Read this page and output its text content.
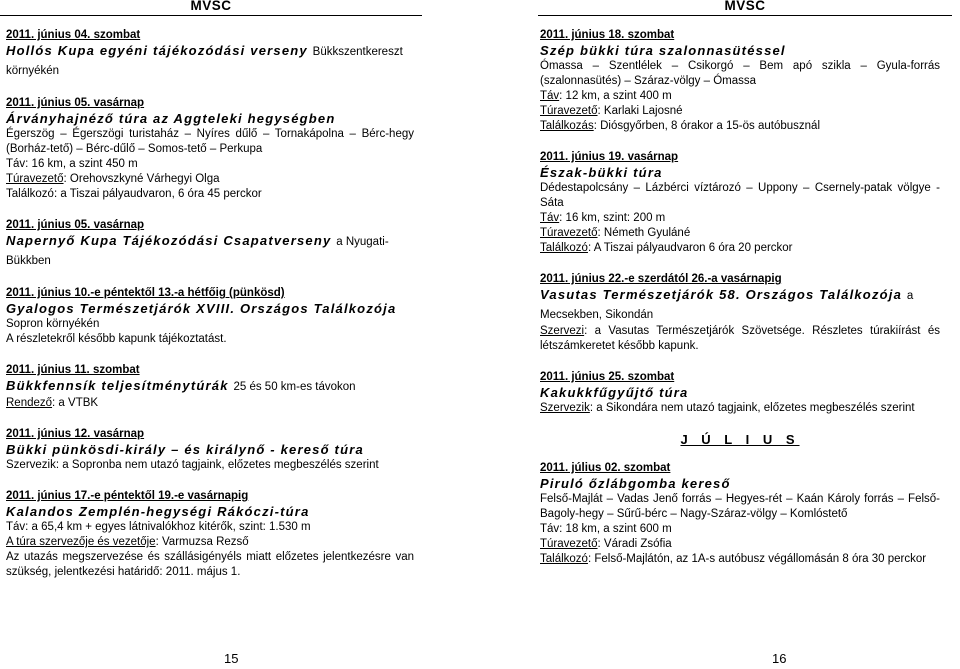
MVSC
2011. június 04. szombat
Hollós Kupa egyéni tájékozódási verseny Bükkszentkereszt környékén
2011. június 05. vasárnap
Árványhajnéző túra az Aggteleki hegységben
Égerszög – Égerszögi turistaház – Nyíres dűlő – Tornakápolna – Bérc-hegy (Borház-tető) – Bérc-dűlő – Somos-tető – Perkupa
Táv: 16 km, a szint 450 m
Túravezető: Orehovszkyné Várhegyi Olga
Találkozó: a Tiszai pályaudvaron, 6 óra 45 perckor
2011. június 05. vasárnap
Napernyő Kupa Tájékozódási Csapatverseny a Nyugati-Bükkben
2011. június 10.-e péntektől 13.-a hétfőig (pünkösd)
Gyalogos Természetjárók XVIII. Országos Találkozója
Sopron környékén
A részletekről később kapunk tájékoztatást.
2011. június 11. szombat
Bükkfennsík teljesítménytúrák 25 és 50 km-es távokon
Rendező: a VTBK
2011. június 12. vasárnap
Bükki pünkösdi-király – és királynő - kereső túra
Szervezik: a Sopronba nem utazó tagjaink, előzetes megbeszélés szerint
2011. június 17.-e péntektől 19.-e vasárnapig
Kalandos Zemplén-hegységi Rákóczi-túra
Táv: a 65,4 km + egyes látnivalókhoz kitérők, szint: 1.530 m
A túra szervezője és vezetője: Varmuzsa Rezső
Az utazás megszervezése és szállásigényéls miatt előzetes jelentkezésre van szükség, jelentkezési határidő: 2011. május 1.
15
MVSC
2011. június 18. szombat
Szép bükki túra szalonnasütéssel
Ómassa – Szentlélek – Csikorgó – Bem apó szikla – Gyula-forrás (szalonnasütés) – Száraz-völgy – Ómassa
Táv: 12 km, a szint 400 m
Túravezető: Karlaki Lajosné
Találkozás: Diósgyőrben, 8 órakor a 15-ös autóbusznál
2011. június 19. vasárnap
Észak-bükki túra
Dédestapolcsány – Lázbérci víztározó – Uppony – Csernely-patak völgye - Sáta
Táv: 16 km, szint: 200 m
Túravezető: Németh Gyuláné
Találkozó: A Tiszai pályaudvaron 6 óra 20 perckor
2011. június 22.-e szerdától 26.-a vasárnapig
Vasutas Természetjárók 58. Országos Találkozója a Mecsekben, Sikondán
Szervezi: a Vasutas Természetjárók Szövetsége. Részletes túrakiírást és létszámkeretet később kapunk.
2011. június 25. szombat
Kakukkfűgyűjtő túra
Szervezik: a Sikondára nem utazó tagjaink, előzetes megbeszélés szerint
J Ú L I U S
2011. július 02. szombat
Piruló őzlábgomba kereső
Felső-Majlát – Vadas Jenő forrás – Hegyes-rét – Kaán Károly forrás – Felső-Bagoly-hegy – Sűrű-bérc – Nagy-Száraz-völgy – Komlóstető
Táv: 18 km, a szint 600 m
Túravezető: Váradi Zsófia
Találkozó: Felső-Majlátón, az 1A-s autóbusz végállomásán 8 óra 30 perckor
16
